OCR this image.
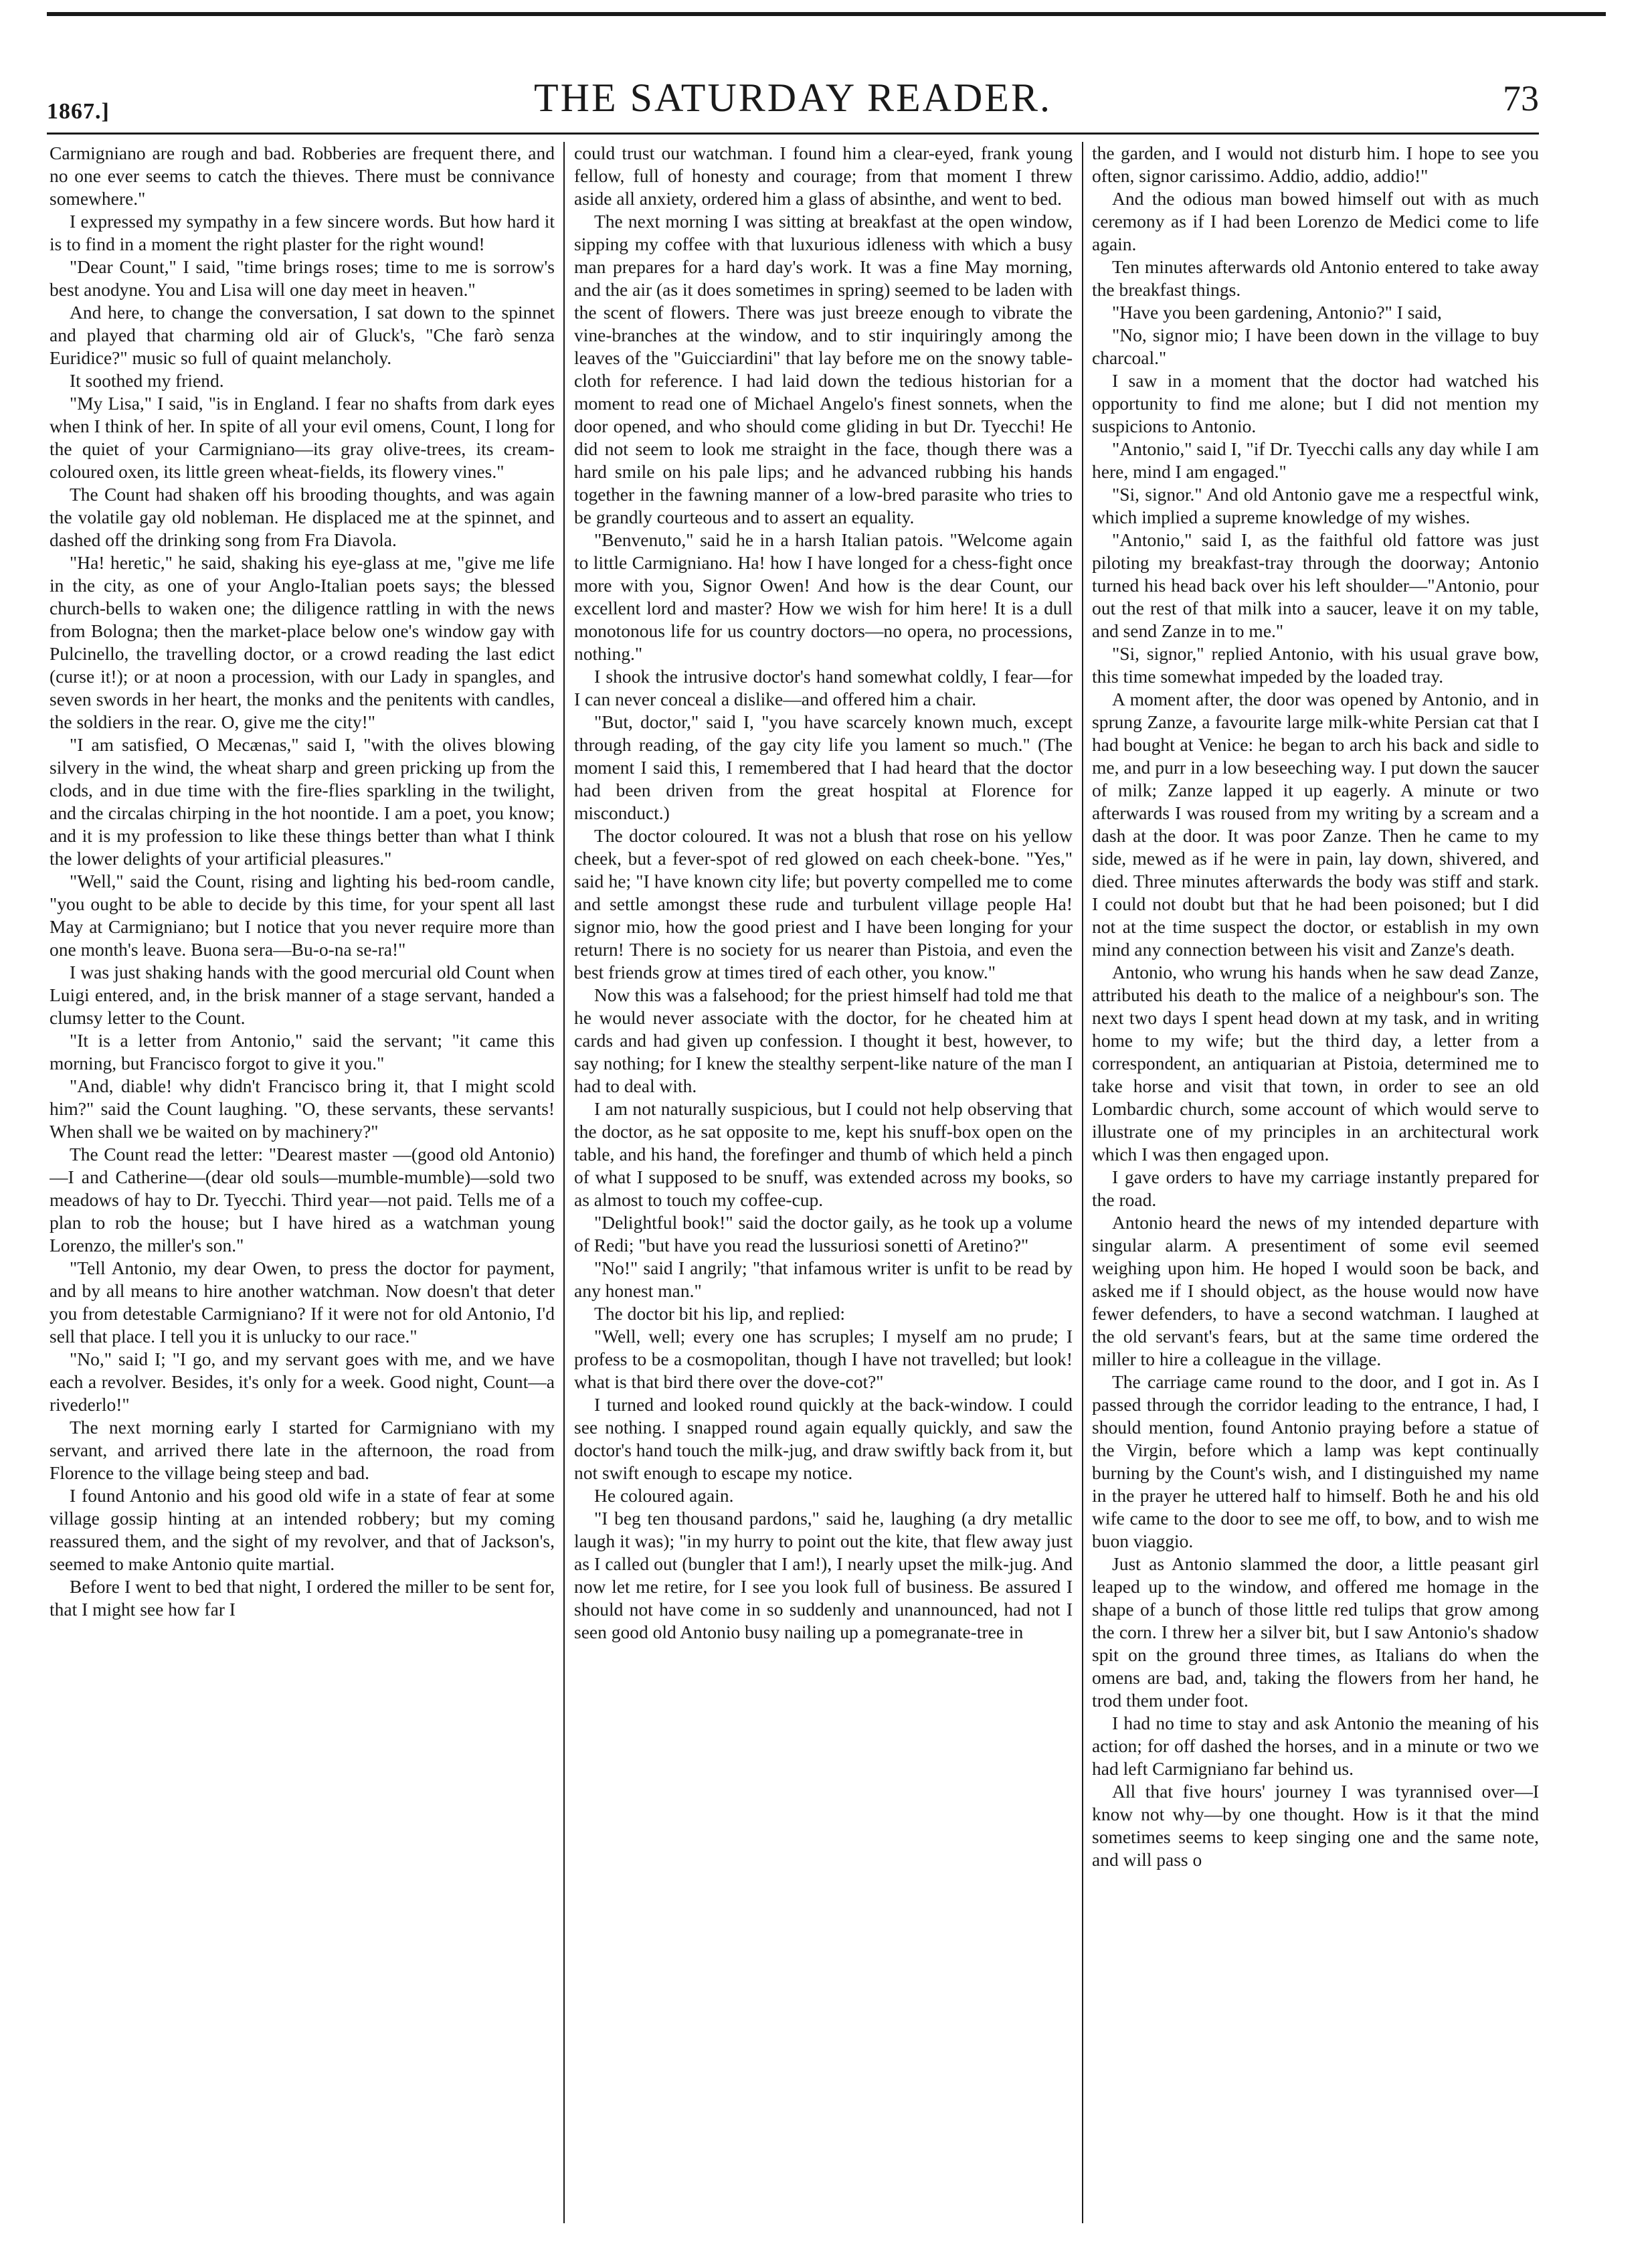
1867.]	THE SATURDAY READER.	73

Carmigniano are rough and bad. Robberies are frequent there, and no one ever seems to catch the thieves. There must be connivance somewhere."

I expressed my sympathy in a few sincere words. But how hard it is to find in a moment the right plaster for the right wound!

"Dear Count," I said, "time brings roses; time to me is sorrow's best anodyne. You and Lisa will one day meet in heaven."

And here, to change the conversation, I sat down to the spinnet and played that charming old air of Gluck's, "Che farò senza Euridice?" music so full of quaint melancholy.

It soothed my friend.

"My Lisa," I said, "is in England. I fear no shafts from dark eyes when I think of her. In spite of all your evil omens, Count, I long for the quiet of your Carmigniano—its gray olive-trees, its cream-coloured oxen, its little green wheat-fields, its flowery vines."

The Count had shaken off his brooding thoughts, and was again the volatile gay old nobleman. He displaced me at the spinnet, and dashed off the drinking song from Fra Diavola.

"Ha! heretic," he said, shaking his eye-glass at me, "give me life in the city, as one of your Anglo-Italian poets says; the blessed church-bells to waken one; the diligence rattling in with the news from Bologna; then the market-place below one's window gay with Pulcinello, the travelling doctor, or a crowd reading the last edict (curse it!); or at noon a procession, with our Lady in spangles, and seven swords in her heart, the monks and the penitents with candles, the soldiers in the rear. O, give me the city!"

"I am satisfied, O Mecænas," said I, "with the olives blowing silvery in the wind, the wheat sharp and green pricking up from the clods, and in due time with the fire-flies sparkling in the twilight, and the circalas chirping in the hot noontide. I am a poet, you know; and it is my profession to like these things better than what I think the lower delights of your artificial pleasures."

"Well," said the Count, rising and lighting his bed-room candle, "you ought to be able to decide by this time, for your spent all last May at Carmigniano; but I notice that you never require more than one month's leave. Buona sera—Bu-o-na se-ra!"

I was just shaking hands with the good mercurial old Count when Luigi entered, and, in the brisk manner of a stage servant, handed a clumsy letter to the Count.

"It is a letter from Antonio," said the servant; "it came this morning, but Francisco forgot to give it you."

"And, diable! why didn't Francisco bring it, that I might scold him?" said the Count laughing. "O, these servants, these servants! When shall we be waited on by machinery?"

The Count read the letter: "Dearest master —(good old Antonio)—I and Catherine—(dear old souls—mumble-mumble)—sold two meadows of hay to Dr. Tyecchi. Third year—not paid. Tells me of a plan to rob the house; but I have hired as a watchman young Lorenzo, the miller's son."

"Tell Antonio, my dear Owen, to press the doctor for payment, and by all means to hire another watchman. Now doesn't that deter you from detestable Carmigniano? If it were not for old Antonio, I'd sell that place. I tell you it is unlucky to our race."

"No," said I; "I go, and my servant goes with me, and we have each a revolver. Besides, it's only for a week. Good night, Count—a rivederlo!"

The next morning early I started for Carmigniano with my servant, and arrived there late in the afternoon, the road from Florence to the village being steep and bad.

I found Antonio and his good old wife in a state of fear at some village gossip hinting at an intended robbery; but my coming reassured them, and the sight of my revolver, and that of Jackson's, seemed to make Antonio quite martial.

Before I went to bed that night, I ordered the miller to be sent for, that I might see how far I

could trust our watchman. I found him a clear-eyed, frank young fellow, full of honesty and courage; from that moment I threw aside all anxiety, ordered him a glass of absinthe, and went to bed.

The next morning I was sitting at breakfast at the open window, sipping my coffee with that luxurious idleness with which a busy man prepares for a hard day's work. It was a fine May morning, and the air (as it does sometimes in spring) seemed to be laden with the scent of flowers. There was just breeze enough to vibrate the vine-branches at the window, and to stir inquiringly among the leaves of the "Guicciardini" that lay before me on the snowy table-cloth for reference. I had laid down the tedious historian for a moment to read one of Michael Angelo's finest sonnets, when the door opened, and who should come gliding in but Dr. Tyecchi! He did not seem to look me straight in the face, though there was a hard smile on his pale lips; and he advanced rubbing his hands together in the fawning manner of a low-bred parasite who tries to be grandly courteous and to assert an equality.

"Benvenuto," said he in a harsh Italian patois. "Welcome again to little Carmigniano. Ha! how I have longed for a chess-fight once more with you, Signor Owen! And how is the dear Count, our excellent lord and master? How we wish for him here! It is a dull monotonous life for us country doctors—no opera, no processions, nothing."

I shook the intrusive doctor's hand somewhat coldly, I fear—for I can never conceal a dislike—and offered him a chair.

"But, doctor," said I, "you have scarcely known much, except through reading, of the gay city life you lament so much." (The moment I said this, I remembered that I had heard that the doctor had been driven from the great hospital at Florence for misconduct.)

The doctor coloured. It was not a blush that rose on his yellow cheek, but a fever-spot of red glowed on each cheek-bone. "Yes," said he; "I have known city life; but poverty compelled me to come and settle amongst these rude and turbulent village people Ha! signor mio, how the good priest and I have been longing for your return! There is no society for us nearer than Pistoia, and even the best friends grow at times tired of each other, you know."

Now this was a falsehood; for the priest himself had told me that he would never associate with the doctor, for he cheated him at cards and had given up confession. I thought it best, however, to say nothing; for I knew the stealthy serpent-like nature of the man I had to deal with.

I am not naturally suspicious, but I could not help observing that the doctor, as he sat opposite to me, kept his snuff-box open on the table, and his hand, the forefinger and thumb of which held a pinch of what I supposed to be snuff, was extended across my books, so as almost to touch my coffee-cup.

"Delightful book!" said the doctor gaily, as he took up a volume of Redi; "but have you read the lussuriosi sonetti of Aretino?"

"No!" said I angrily; "that infamous writer is unfit to be read by any honest man."

The doctor bit his lip, and replied:

"Well, well; every one has scruples; I myself am no prude; I profess to be a cosmopolitan, though I have not travelled; but look! what is that bird there over the dove-cot?"

I turned and looked round quickly at the back-window. I could see nothing. I snapped round again equally quickly, and saw the doctor's hand touch the milk-jug, and draw swiftly back from it, but not swift enough to escape my notice.

He coloured again.

"I beg ten thousand pardons," said he, laughing (a dry metallic laugh it was); "in my hurry to point out the kite, that flew away just as I called out (bungler that I am!), I nearly upset the milk-jug. And now let me retire, for I see you look full of business. Be assured I should not have come in so suddenly and unannounced, had not I seen good old Antonio busy nailing up a pomegranate-tree in

the garden, and I would not disturb him. I hope to see you often, signor carissimo. Addio, addio, addio!"

And the odious man bowed himself out with as much ceremony as if I had been Lorenzo de Medici come to life again.

Ten minutes afterwards old Antonio entered to take away the breakfast things.

"Have you been gardening, Antonio?" I said,

"No, signor mio; I have been down in the village to buy charcoal."

I saw in a moment that the doctor had watched his opportunity to find me alone; but I did not mention my suspicions to Antonio.

"Antonio," said I, "if Dr. Tyecchi calls any day while I am here, mind I am engaged."

"Si, signor." And old Antonio gave me a respectful wink, which implied a supreme knowledge of my wishes.

"Antonio," said I, as the faithful old fattore was just piloting my breakfast-tray through the doorway; Antonio turned his head back over his left shoulder—"Antonio, pour out the rest of that milk into a saucer, leave it on my table, and send Zanze in to me."

"Si, signor," replied Antonio, with his usual grave bow, this time somewhat impeded by the loaded tray.

A moment after, the door was opened by Antonio, and in sprung Zanze, a favourite large milk-white Persian cat that I had bought at Venice: he began to arch his back and sidle to me, and purr in a low beseeching way. I put down the saucer of milk; Zanze lapped it up eagerly. A minute or two afterwards I was roused from my writing by a scream and a dash at the door. It was poor Zanze. Then he came to my side, mewed as if he were in pain, lay down, shivered, and died. Three minutes afterwards the body was stiff and stark. I could not doubt but that he had been poisoned; but I did not at the time suspect the doctor, or establish in my own mind any connection between his visit and Zanze's death.

Antonio, who wrung his hands when he saw dead Zanze, attributed his death to the malice of a neighbour's son. The next two days I spent head down at my task, and in writing home to my wife; but the third day, a letter from a correspondent, an antiquarian at Pistoia, determined me to take horse and visit that town, in order to see an old Lombardic church, some account of which would serve to illustrate one of my principles in an architectural work which I was then engaged upon.

I gave orders to have my carriage instantly prepared for the road.

Antonio heard the news of my intended departure with singular alarm. A presentiment of some evil seemed weighing upon him. He hoped I would soon be back, and asked me if I should object, as the house would now have fewer defenders, to have a second watchman. I laughed at the old servant's fears, but at the same time ordered the miller to hire a colleague in the village.

The carriage came round to the door, and I got in. As I passed through the corridor leading to the entrance, I had, I should mention, found Antonio praying before a statue of the Virgin, before which a lamp was kept continually burning by the Count's wish, and I distinguished my name in the prayer he uttered half to himself. Both he and his old wife came to the door to see me off, to bow, and to wish me buon viaggio.

Just as Antonio slammed the door, a little peasant girl leaped up to the window, and offered me homage in the shape of a bunch of those little red tulips that grow among the corn. I threw her a silver bit, but I saw Antonio's shadow spit on the ground three times, as Italians do when the omens are bad, and, taking the flowers from her hand, he trod them under foot.

I had no time to stay and ask Antonio the meaning of his action; for off dashed the horses, and in a minute or two we had left Carmigniano far behind us.

All that five hours' journey I was tyrannised over—I know not why—by one thought. How is it that the mind sometimes seems to keep singing one and the same note, and will pass o
